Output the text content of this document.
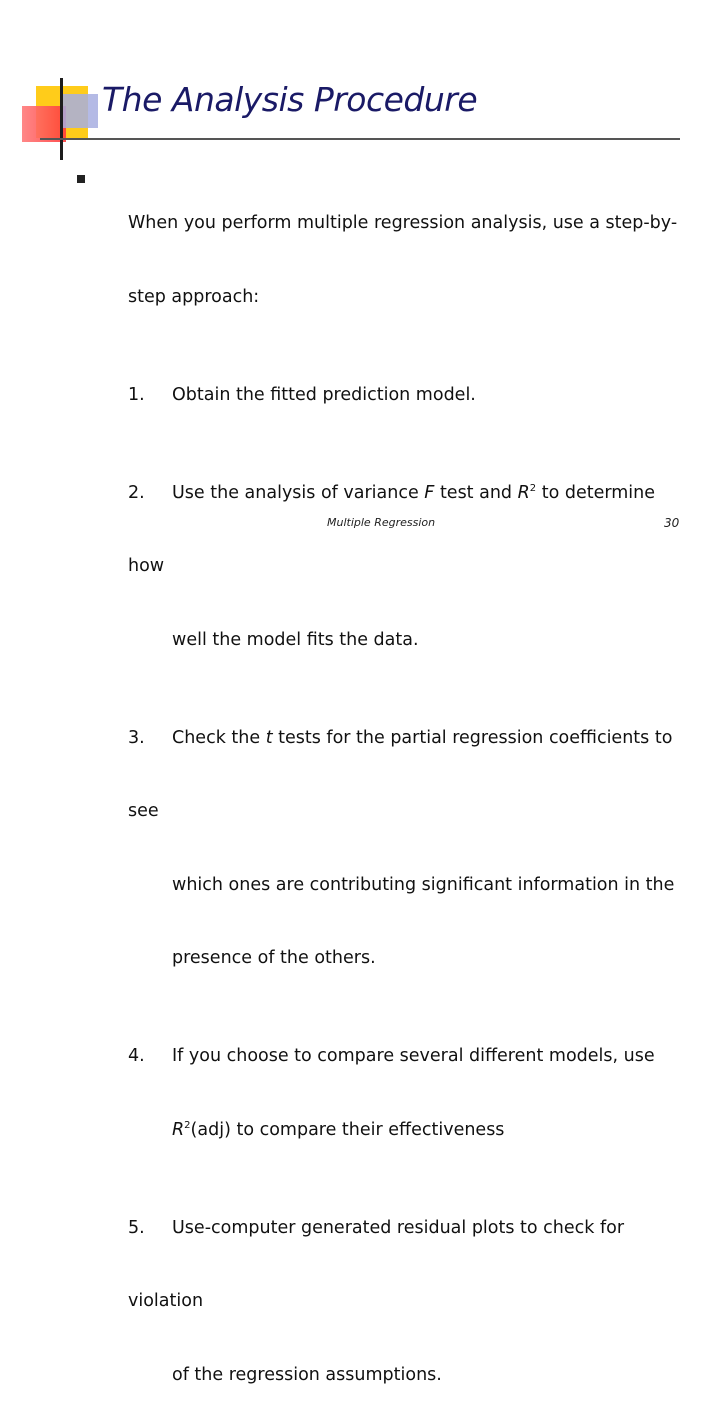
The Analysis Procedure

When you perform multiple regression analysis, use a step-by-

step approach:

1. Obtain the fitted prediction model.

2. Use the analysis of variance F test and $R^2$ to determine

how

well the model fits the data.

3. Check the t tests for the partial regression coefficients to

see

which ones are contributing significant information in the

presence of the others.

4. If you choose to compare several different models, use

$R^2(adj)$ to compare their effectiveness

5. Use-computer generated residual plots to check for

violation

of the regression assumptions.

Multiple Regression	30
